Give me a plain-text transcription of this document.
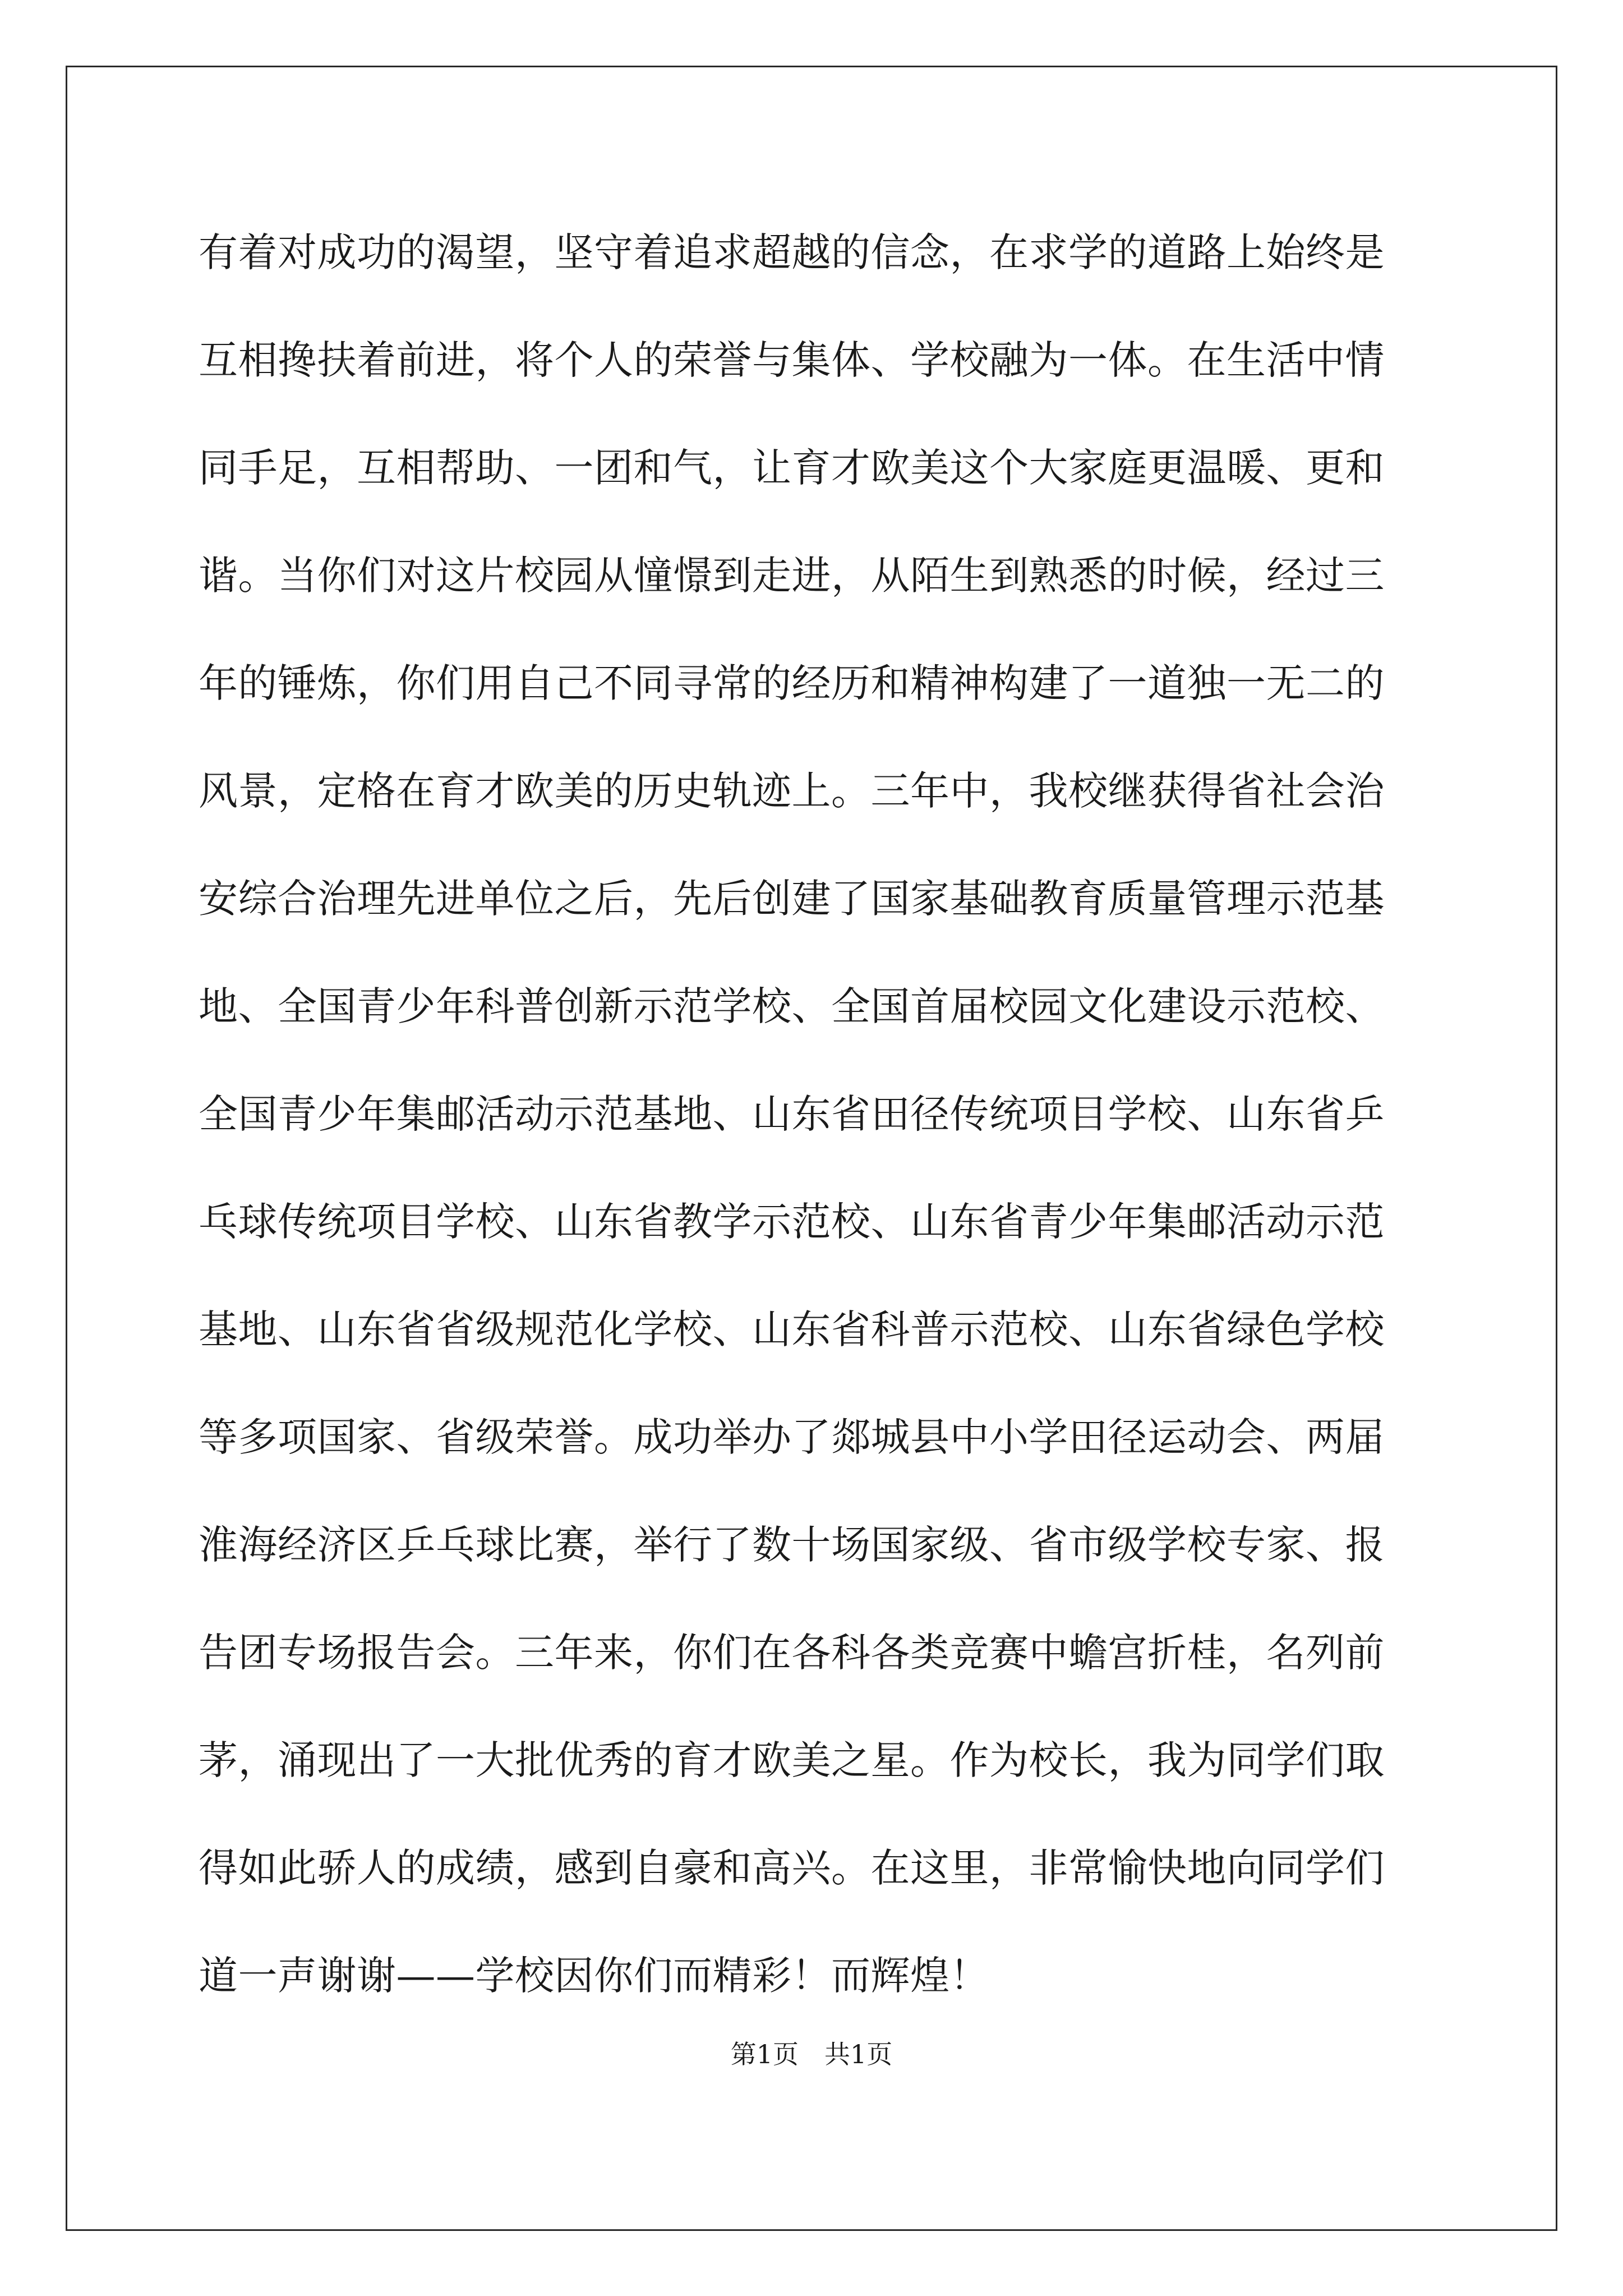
有着对成功的渴望，坚守着追求超越的信念，在求学的道路上始终是
互相搀扶着前进，将个人的荣誉与集体、学校融为一体。在生活中情
同手足，互相帮助、一团和气，让育才欧美这个大家庭更温暖、更和
谐。当你们对这片校园从憧憬到走进，从陌生到熟悉的时候，经过三
年的锤炼，你们用自己不同寻常的经历和精神构建了一道独一无二的
风景，定格在育才欧美的历史轨迹上。三年中，我校继获得省社会治
安综合治理先进单位之后，先后创建了国家基础教育质量管理示范基
地、全国青少年科普创新示范学校、全国首届校园文化建设示范校、
全国青少年集邮活动示范基地、山东省田径传统项目学校、山东省乒
乓球传统项目学校、山东省教学示范校、山东省青少年集邮活动示范
基地、山东省省级规范化学校、山东省科普示范校、山东省绿色学校
等多项国家、省级荣誉。成功举办了郯城县中小学田径运动会、两届
淮海经济区乒乓球比赛，举行了数十场国家级、省市级学校专家、报
告团专场报告会。三年来，你们在各科各类竞赛中蟾宫折桂，名列前
茅，涌现出了一大批优秀的育才欧美之星。作为校长，我为同学们取
得如此骄人的成绩，感到自豪和高兴。在这里，非常愉快地向同学们
道一声谢谢——学校因你们而精彩！而辉煌！
第1页　共1页
